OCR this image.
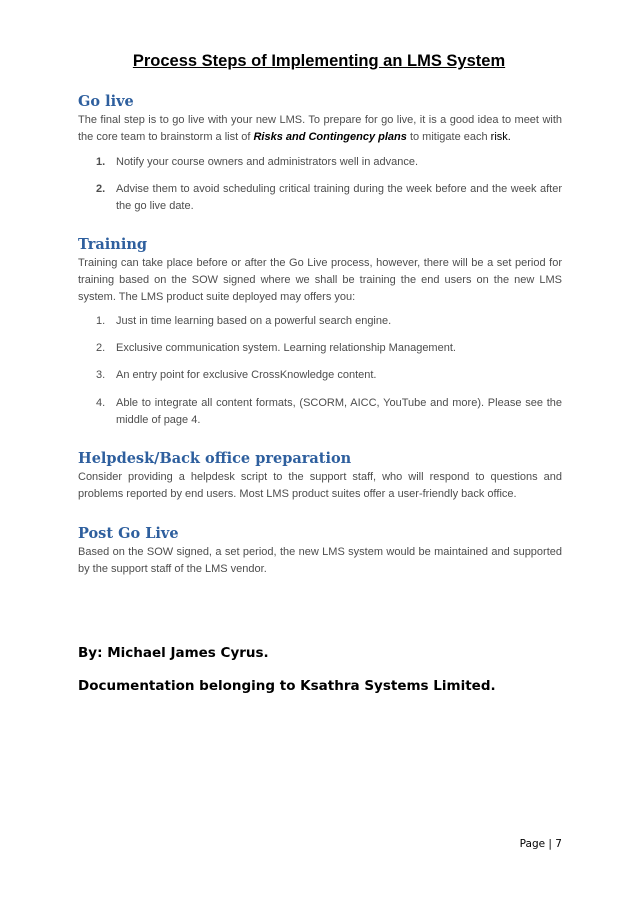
Process Steps of Implementing an LMS System
Go live
The final step is to go live with your new LMS. To prepare for go live, it is a good idea to meet with the core team to brainstorm a list of Risks and Contingency plans to mitigate each risk.
1. Notify your course owners and administrators well in advance.
2. Advise them to avoid scheduling critical training during the week before and the week after the go live date.
Training
Training can take place before or after the Go Live process, however, there will be a set period for training based on the SOW signed where we shall be training the end users on the new LMS system. The LMS product suite deployed may offers you:
1. Just in time learning based on a powerful search engine.
2. Exclusive communication system. Learning relationship Management.
3. An entry point for exclusive CrossKnowledge content.
4. Able to integrate all content formats, (SCORM, AICC, YouTube and more). Please see the middle of page 4.
Helpdesk/Back office preparation
Consider providing a helpdesk script to the support staff, who will respond to questions and problems reported by end users. Most LMS product suites offer a user-friendly back office.
Post Go Live
Based on the SOW signed, a set period, the new LMS system would be maintained and supported by the support staff of the LMS vendor.
By: Michael James Cyrus.
Documentation belonging to Ksathra Systems Limited.
Page | 7
